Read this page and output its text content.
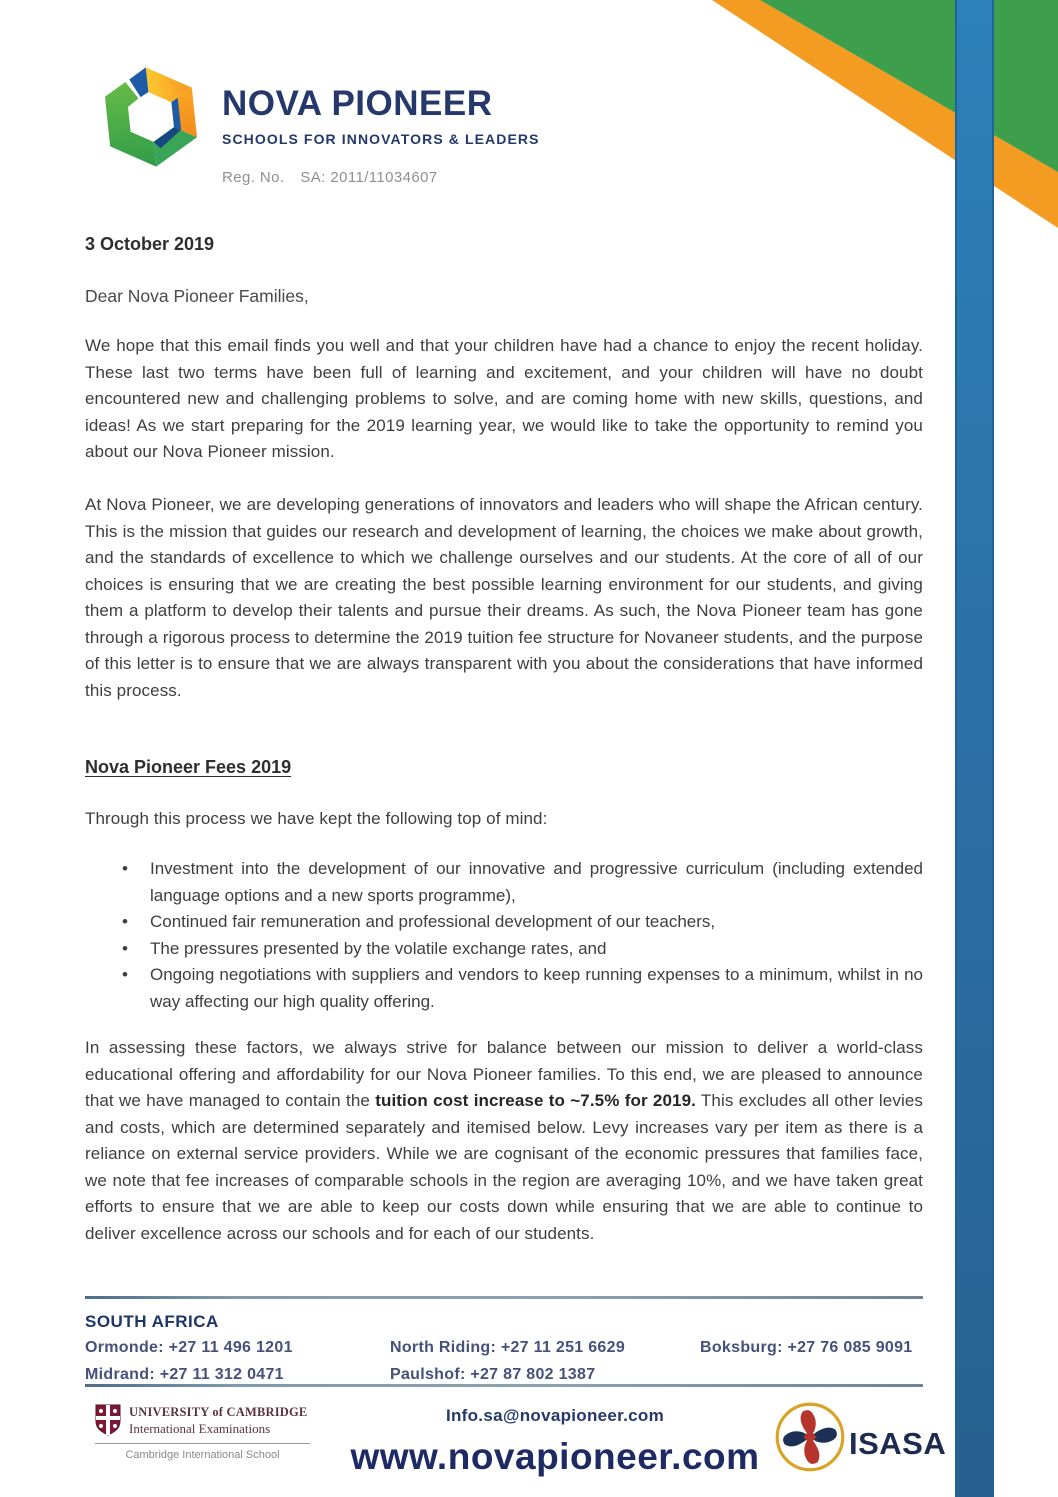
NOVA PIONEER
SCHOOLS FOR INNOVATORS & LEADERS
Reg. No. SA: 2011/11034607
3 October 2019
Dear Nova Pioneer Families,

We hope that this email finds you well and that your children have had a chance to enjoy the recent holiday. These last two terms have been full of learning and excitement, and your children will have no doubt encountered new and challenging problems to solve, and are coming home with new skills, questions, and ideas! As we start preparing for the 2019 learning year, we would like to take the opportunity to remind you about our Nova Pioneer mission.

At Nova Pioneer, we are developing generations of innovators and leaders who will shape the African century. This is the mission that guides our research and development of learning, the choices we make about growth, and the standards of excellence to which we challenge ourselves and our students. At the core of all of our choices is ensuring that we are creating the best possible learning environment for our students, and giving them a platform to develop their talents and pursue their dreams. As such, the Nova Pioneer team has gone through a rigorous process to determine the 2019 tuition fee structure for Novaneer students, and the purpose of this letter is to ensure that we are always transparent with you about the considerations that have informed this process.

Nova Pioneer Fees 2019
Through this process we have kept the following top of mind:
• Investment into the development of our innovative and progressive curriculum (including extended language options and a new sports programme),
• Continued fair remuneration and professional development of our teachers,
• The pressures presented by the volatile exchange rates, and
• Ongoing negotiations with suppliers and vendors to keep running expenses to a minimum, whilst in no way affecting our high quality offering.

In assessing these factors, we always strive for balance between our mission to deliver a world-class educational offering and affordability for our Nova Pioneer families. To this end, we are pleased to announce that we have managed to contain the tuition cost increase to ~7.5% for 2019. This excludes all other levies and costs, which are determined separately and itemised below. Levy increases vary per item as there is a reliance on external service providers. While we are cognisant of the economic pressures that families face, we note that fee increases of comparable schools in the region are averaging 10%, and we have taken great efforts to ensure that we are able to keep our costs down while ensuring that we are able to continue to deliver excellence across our schools and for each of our students.

SOUTH AFRICA
Ormonde: +27 11 496 1201
Midrand: +27 11 312 0471
North Riding: +27 11 251 6629
Paulshof: +27 87 802 1387
Boksburg: +27 76 085 9091
UNIVERSITY of CAMBRIDGE
International Examinations
Cambridge International School
Info.sa@novapioneer.com
www.novapioneer.com	ISASA
